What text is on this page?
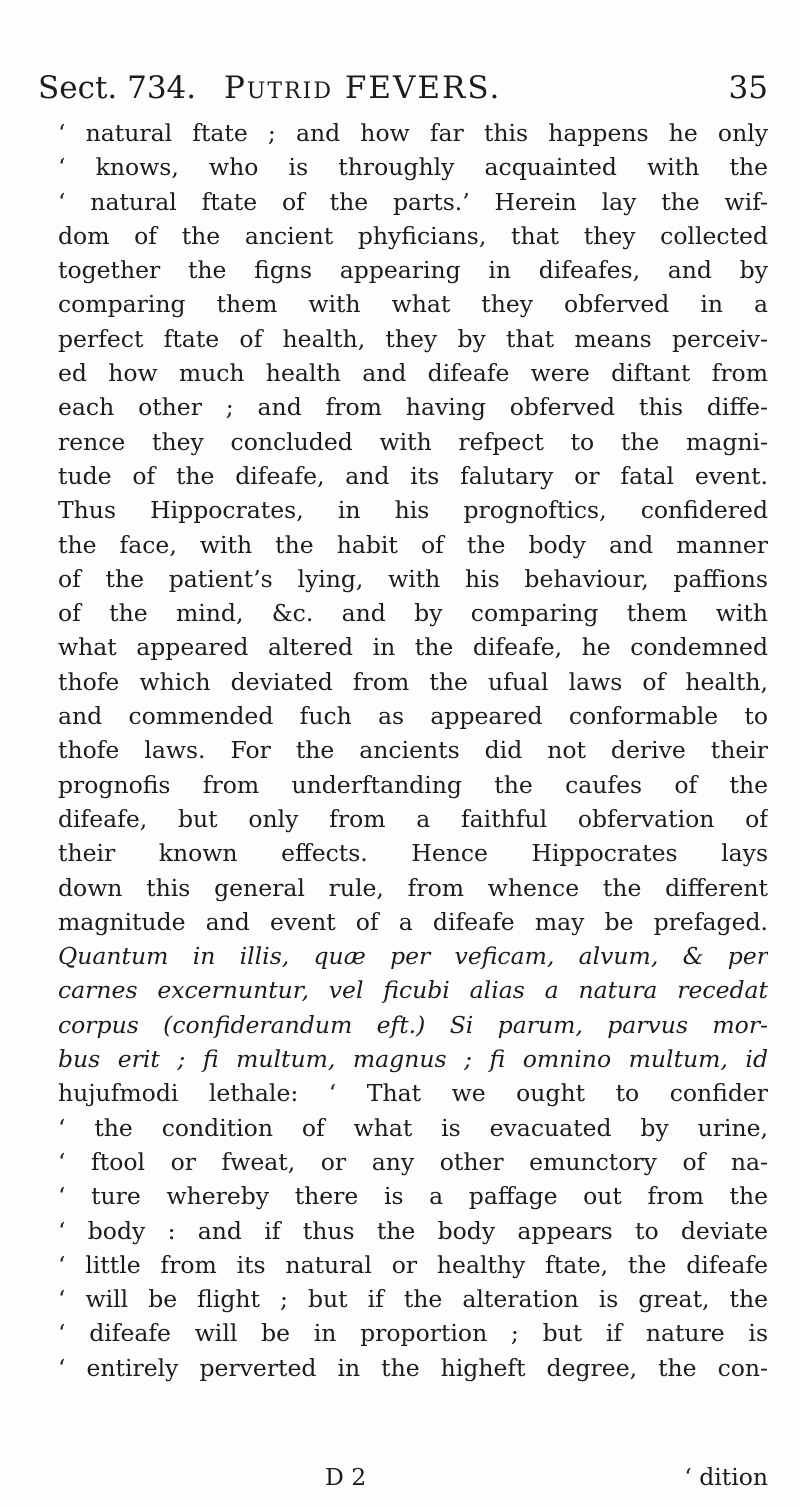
Sect. 734. Putrid FEVERS.	35
‘ natural ftate ; and how far this happens he only
‘ knows, who is throughly acquainted with the
‘ natural ftate of the parts.’ Herein lay the wif-
dom of the ancient phyficians, that they collected
together the figns appearing in difeafes, and by
comparing them with what they obferved in a
perfect ftate of health, they by that means perceiv-
ed how much health and difeafe were diftant from
each other ; and from having obferved this diffe-
rence they concluded with refpect to the magni-
tude of the difeafe, and its falutary or fatal event.
Thus Hippocrates, in his prognoftics, confidered
the face, with the habit of the body and manner
of the patient’s lying, with his behaviour, paffions
of the mind, &c. and by comparing them with
what appeared altered in the difeafe, he condemned
thofe which deviated from the ufual laws of health,
and commended fuch as appeared conformable to
thofe laws. For the ancients did not derive their
prognofis from underftanding the caufes of the
difeafe, but only from a faithful obfervation of
their known effects. Hence Hippocrates lays
down this general rule, from whence the different
magnitude and event of a difeafe may be prefaged.
Quantum in illis, quæ per veficam, alvum, & per
carnes excernuntur, vel ficubi alias a natura recedat
corpus (confiderandum eft.) Si parum, parvus mor-
bus erit ; fi multum, magnus ; fi omnino multum, id
hujufmodi lethale: ‘ That we ought to confider
‘ the condition of what is evacuated by urine,
‘ ftool or fweat, or any other emunctory of na-
‘ ture whereby there is a paffage out from the
‘ body : and if thus the body appears to deviate
‘ little from its natural or healthy ftate, the difeafe
‘ will be flight ; but if the alteration is great, the
‘ difeafe will be in proportion ; but if nature is
‘ entirely perverted in the higheft degree, the con-
D 2	‘ dition
